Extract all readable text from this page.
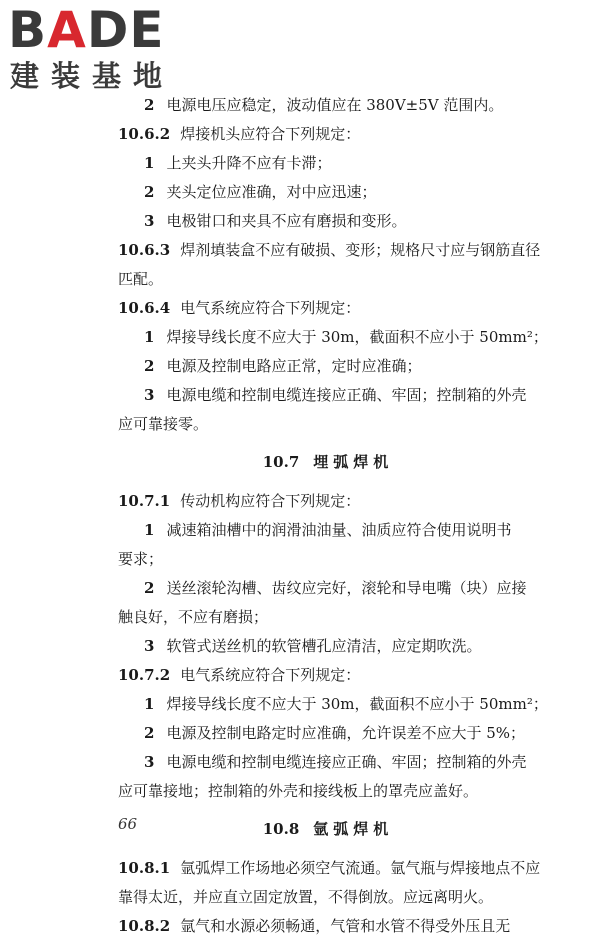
BADE
建装基地
2 电源电压应稳定，波动值应在 380V±5V 范围内。
10.6.2 焊接机头应符合下列规定：
1 上夹头升降不应有卡滞；
2 夹头定位应准确，对中应迅速；
3 电极钳口和夹具不应有磨损和变形。
10.6.3 焊剂填装盒不应有破损、变形；规格尺寸应与钢筋直径
匹配。
10.6.4 电气系统应符合下列规定：
1 焊接导线长度不应大于 30m，截面积不应小于 50mm²；
2 电源及控制电路应正常，定时应准确；
3 电源电缆和控制电缆连接应正确、牢固；控制箱的外壳
应可靠接零。
10.7 埋弧焊机
10.7.1 传动机构应符合下列规定：
1 减速箱油槽中的润滑油油量、油质应符合使用说明书
要求；
2 送丝滚轮沟槽、齿纹应完好，滚轮和导电嘴（块）应接
触良好，不应有磨损；
3 软管式送丝机的软管槽孔应清洁，应定期吹洗。
10.7.2 电气系统应符合下列规定：
1 焊接导线长度不应大于 30m，截面积不应小于 50mm²；
2 电源及控制电路定时应准确，允许误差不应大于 5%；
3 电源电缆和控制电缆连接应正确、牢固；控制箱的外壳
应可靠接地；控制箱的外壳和接线板上的罩壳应盖好。
10.8 氩弧焊机
10.8.1 氩弧焊工作场地必须空气流通。氩气瓶与焊接地点不应
靠得太近，并应直立固定放置，不得倒放。应远离明火。
10.8.2 氩气和水源必须畅通，气管和水管不得受外压且无
66
